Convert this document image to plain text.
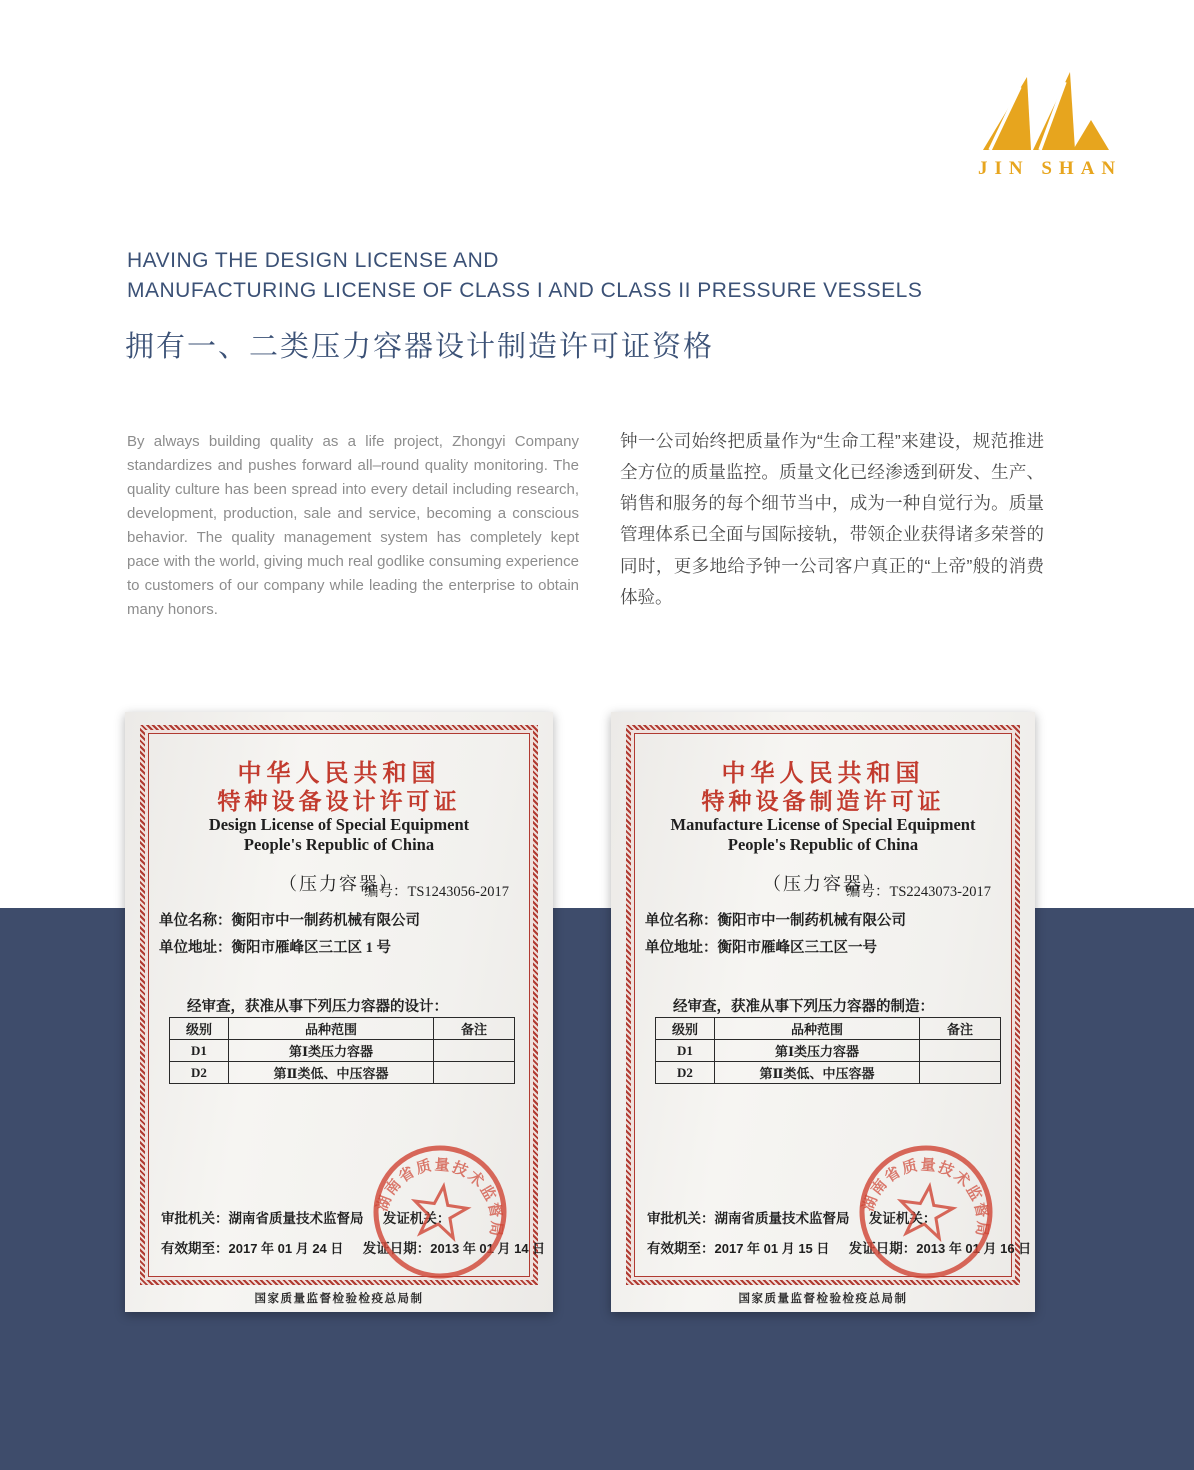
JIN SHAN
HAVING THE DESIGN LICENSE AND
MANUFACTURING LICENSE OF CLASS I AND CLASS II PRESSURE VESSELS
拥有一、二类压力容器设计制造许可证资格
By always building quality as a life project, Zhongyi Company standardizes and pushes forward all–round quality monitoring. The quality culture has been spread into every detail including research, development, production, sale and service, becoming a conscious behavior. The quality management system has completely kept pace with the world, giving much real godlike consuming experience to customers of our company while leading the enterprise to obtain many honors.
钟一公司始终把质量作为“生命工程”来建设，规范推进全方位的质量监控。质量文化已经渗透到研发、生产、销售和服务的每个细节当中，成为一种自觉行为。质量管理体系已全面与国际接轨，带领企业获得诸多荣誉的同时，更多地给予钟一公司客户真正的“上帝”般的消费体验。
中华人民共和国
特种设备设计许可证
Design License of Special Equipment
People's Republic of China
（压力容器）
编号：TS1243056-2017
单位名称：衡阳市中一制药机械有限公司
单位地址：衡阳市雁峰区三工区 1 号
经审查，获准从事下列压力容器的设计：
级别	品种范围	备注
D1	第Ⅰ类压力容器	
D2	第Ⅱ类低、中压容器	
审批机关：湖南省质量技术监督局 发证机关：
有效期至：2017 年 01 月 24 日 发证日期：2013 年 01 月 14 日
湖南省质量技术监督局
国家质量监督检验检疫总局制
中华人民共和国
特种设备制造许可证
Manufacture License of Special Equipment
People's Republic of China
（压力容器）
编号：TS2243073-2017
单位名称：衡阳市中一制药机械有限公司
单位地址：衡阳市雁峰区三工区一号
经审查，获准从事下列压力容器的制造：
级别	品种范围	备注
D1	第Ⅰ类压力容器	
D2	第Ⅱ类低、中压容器	
审批机关：湖南省质量技术监督局 发证机关：
有效期至：2017 年 01 月 15 日 发证日期：2013 年 01 月 16 日
湖南省质量技术监督局
国家质量监督检验检疫总局制
